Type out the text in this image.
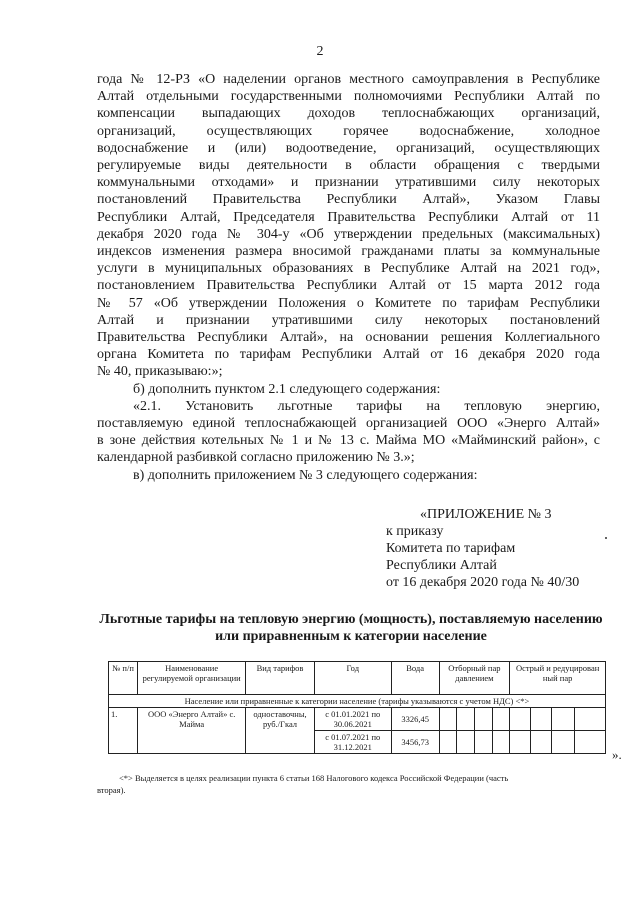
2
года № 12-РЗ «О наделении органов местного самоуправления в Республике
Алтай отдельными государственными полномочиями Республики Алтай по
компенсации выпадающих доходов теплоснабжающих организаций,
организаций, осуществляющих горячее водоснабжение, холодное
водоснабжение и (или) водоотведение, организаций, осуществляющих
регулируемые виды деятельности в области обращения с твердыми
коммунальными отходами» и признании утратившими силу некоторых
постановлений Правительства Республики Алтай», Указом Главы
Республики Алтай, Председателя Правительства Республики Алтай от 11
декабря 2020 года № 304-у «Об утверждении предельных (максимальных)
индексов изменения размера вносимой гражданами платы за коммунальные
услуги в муниципальных образованиях в Республике Алтай на 2021 год»,
постановлением Правительства Республики Алтай от 15 марта 2012 года
№ 57 «Об утверждении Положения о Комитете по тарифам Республики
Алтай и признании утратившими силу некоторых постановлений
Правительства Республики Алтай», на основании решения Коллегиального
органа Комитета по тарифам Республики Алтай от 16 декабря 2020 года
№ 40, приказываю:»;
б) дополнить пунктом 2.1 следующего содержания:
«2.1. Установить льготные тарифы на тепловую энергию,
поставляемую единой теплоснабжающей организацией ООО «Энерго Алтай»
в зоне действия котельных № 1 и № 13 с. Майма МО «Майминский район», с
календарной разбивкой согласно приложению № 3.»;
в) дополнить приложением № 3 следующего содержания:
«ПРИЛОЖЕНИЕ № 3
к приказу
Комитета по тарифам
Республики Алтай
от 16 декабря 2020 года № 40/30
Льготные тарифы на тепловую энергию (мощность), поставляемую населению или приравненным к категории население
№ п/п	Наименование регулируемой организации	Вид тарифов	Год	Вода	Отборный пар давлением				Острый и редуцирован ный пар			
Население или приравненные к категории население (тарифы указываются с учетом НДС) <*>												
1.	ООО «Энерго Алтай» с. Майма	одноставочны, руб./Гкал	с 01.01.2021 по 30.06.2021	3326,45								
			с 01.07.2021 по 31.12.2021	3456,73								
».
<*> Выделяется в целях реализации пункта 6 статьи 168 Налогового кодекса Российской Федерации (часть
вторая).
